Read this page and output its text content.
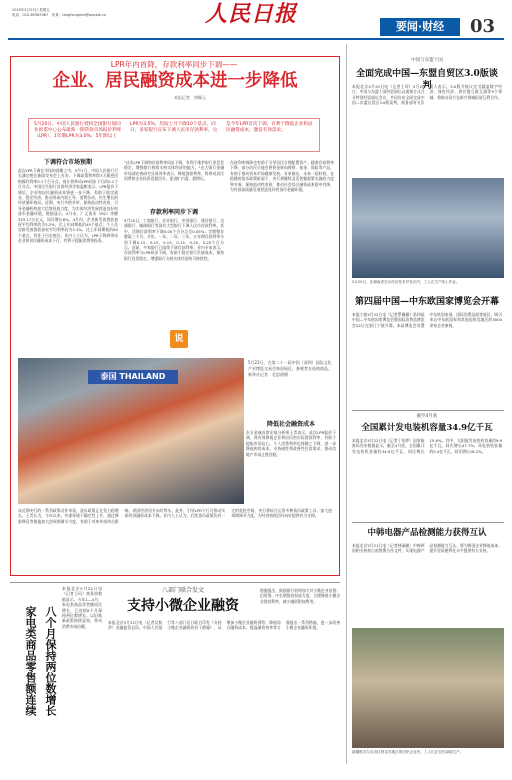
2025年5月23日 星期五
电话：010-65363367　传真：tanghongmei@people.cn	人民日报	要闻·财经	03
LPR年内首降，存款利率同步下调——
企业、居民融资成本进一步降低
本报记者　徐佩玉
5月20日，中国人民银行授权全国银行间同业拆借中心公布最新一期贷款市场报价利率（LPR），1年期LPR为3.0%，5年期以上LPR为3.5%，均较上月下降10个基点。同日，多家银行宣布下调人民币存款利率。这是今年LPR首次下调，有利于降低企业和居民融资成本，激发有效需求。
下调符合市场预期
此次LPR下调在市场的预期之中。5月7日，中国人民银行行长潘功胜在新闻发布会上宣布，下调政策利率即7天期逆回购操作利率0.1个百分点，预计将带动LPR同步下行约0.1个百分点。中国民生银行首席经济学家温彬表示，LPR报价下调后，企业和居民融资成本将进一步下降，有助于稳定就业、稳定经济，推动形成内需主导、消费拉动、内生增长的经济循环格局。近期，央行多措并举，保持流动性充裕，引导金融机构加大信贷投放力度，为实体经济发展营造良好的货币金融环境。数据显示，4月末，广义货币（M2）余额325.17万亿元，同比增长8%。4月份，企业新发放贷款加权平均利率约为3.2%，比上年同期低约45个基点；个人住房新发放贷款加权平均利率约为3.1%，比上年同期低约60个基点，均处于历史低位。业内人士认为，LPR下降将带动企业和居民融资成本下行，有利于提振消费和投资。
"这次LPR下调和存款利率同步下调，有利于维护银行净息差稳定，增强银行持续支持实体经济的能力。"光大银行金融市场部宏观研究员周茂华表示，降低贷款利率，将带动居民消费和企业投资意愿回升，促进扩内需、稳增长。
存款利率同步下调
5月20日，工商银行、农业银行、中国银行、建设银行、交通银行、邮储银行等国有大型银行下调人民币存款利率。其中，活期存款利率下调0.05个百分点至0.05%；定期整存整取三个月、半年、一年、二年、三年、五年期存款利率分别下调0.15、0.15、0.15、0.15、0.25、0.25个百分点。此前，多家银行已陆续下调存款利率。业内专家表示，存款利率与LPR同步下调，有助于稳定银行负债成本，保持银行息差稳定，增强银行支持实体经济的可持续性。
存款利率调降也有助于引导居民合理配置资产。随着存款利率下降，部分居民可能会将资金转向理财、基金、保险等产品，有助于推动资本市场健康发展。专家指出，未来一段时间，在稳健的货币政策框架下，央行将继续灵活把握政策实施的力度和节奏，保持流动性充裕，推动社会综合融资成本稳中有降，为经济高质量发展营造良好的货币金融环境。
泰国 THAILAND
5月22日，在第二十一届中国（深圳）国际文化产业博览交易会泰国展区，参观者在选购商品。新华社记者　毛思倩摄
降低社会融资成本
东方金诚首席宏观分析师王青表示，此次LPR报价下调，将有效降低企业和居民的实际贷款利率，有助于提振市场信心。个人房贷利率也将随之下降，进一步降低购房成本，支持刚性和改善性住房需求，推动房地产市场止跌回稳。
从近期央行的一系列政策动作来看，货币政策正在发力稳增长。王青认为，今年以来，外部环境不确定性上升，通过降准降息等措施加大逆周期调节力度，有助于对冲外部冲击影响，巩固经济回升向好势头。此外，引导LPR下行可推动实体经济融资成本下降。业内人士认为，后续货币政策仍有一定的宽松空间，央行将综合运用多种货币政策工具，加大逆周期调节力度，为经济持续回升向好提供有力支撑。
中国与东盟十国
全面完成中国—东盟自贸区3.0版谈判
本报北京5月20日电（记者王珂）5月20日，中国与东盟十国经贸部长以视频方式召开特别经贸部长会议，共同宣布全面完成中国—东盟自贸区3.0版谈判。商务部有关负责人表示，3.0版升级议定书涵盖数字经济、绿色经济、供应链互联互通等9个领域，将推动双方在新兴领域拓展互利合作。
5月20日，在湖南省长沙经济技术开发区内，工人在生产线上作业。
第四届中国—中东欧国家博览会开幕
本报宁波5月22日电（记者罗珊珊）第四届中国—中东欧国家博览会暨国际消费品博览会22日在浙江宁波开幕。本届博览会设置中东欧国家展、国际消费品展等展区，吸引来自中东欧国家和其他国家及地区的3000余家企业参展。
截至4月底
全国累计发电装机容量34.9亿千瓦
本报北京5月22日电（记者丁怡婷）国家能源局发布数据显示，截至4月底，全国累计发电装机容量约34.9亿千瓦，同比增长15.9%。其中，太阳能发电装机容量约9.9亿千瓦，同比增长47.7%；风电装机容量约5.4亿千瓦，同比增长18.2%。
中韩电器产品检测能力获得互认
本报北京5月21日电（记者林丽鹂）中韩两国相关机构日前签署合作文件，实现电器产品检测能力互认，将为两国企业降低成本、提升贸易便利化水平提供有力支持。
新疆维吾尔自治区阿克苏地区的纺织企业内，工人们正在忙碌地生产。
八个月保持两位数增长
家电类商品零售额连续
本报北京5月22日电（记者王珂）商务部数据显示，今年1—4月，家电类商品零售额同比增长，已连续8个月保持两位数增长。以旧换新政策持续显效，带动消费市场回暖。
八部门联合发文
支持小微企业融资
本报北京5月22日电（记者吴秋余）金融监管总局、中国人民银行等八部门近日联合印发《支持小微企业融资的若干措施》，从增加小微企业融资供给、降低综合融资成本、提高融资效率等方面提出一系列措施，进一步改善小微企业融资环境。
措施提出，鼓励银行机构加大对小微企业首贷、信用贷、中长期贷款投放力度，合理降低小微企业贷款利率，减少融资附加费用。
说
